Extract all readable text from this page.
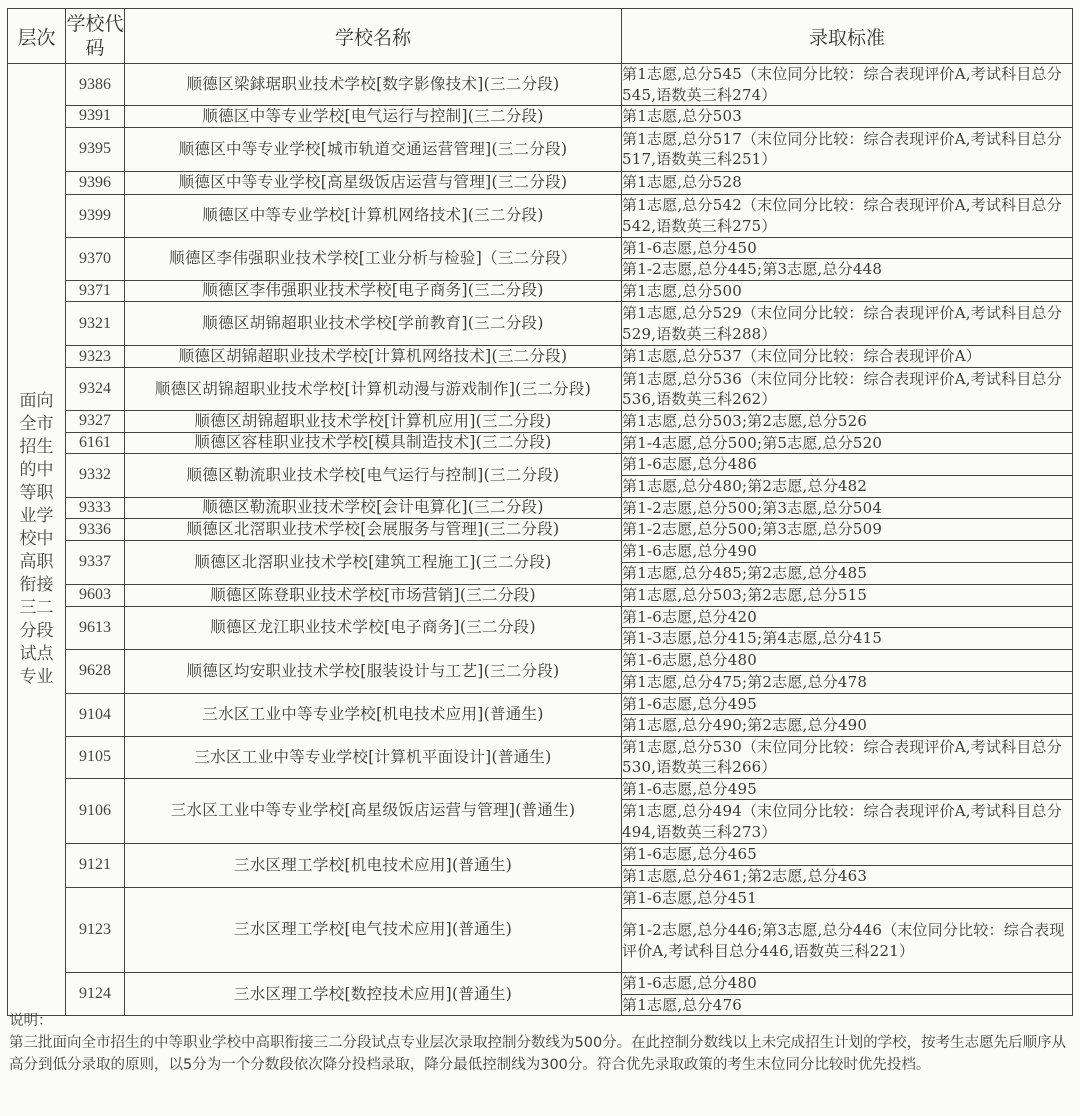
层次	学校代码	学校名称	录取标准
面向全市招生的中等职业学校中高职衔接三二分段试点专业	9386	顺德区梁銶琚职业技术学校[数字影像技术](三二分段)	第1志愿,总分545（末位同分比较：综合表现评价A,考试科目总分545,语数英三科274）
	9391	顺德区中等专业学校[电气运行与控制](三二分段)	第1志愿,总分503
	9395	顺德区中等专业学校[城市轨道交通运营管理](三二分段)	第1志愿,总分517（末位同分比较：综合表现评价A,考试科目总分517,语数英三科251）
	9396	顺德区中等专业学校[高星级饭店运营与管理](三二分段)	第1志愿,总分528
	9399	顺德区中等专业学校[计算机网络技术](三二分段)	第1志愿,总分542（末位同分比较：综合表现评价A,考试科目总分542,语数英三科275）
	9370	顺德区李伟强职业技术学校[工业分析与检验]（三二分段）	第1-6志愿,总分450
			第1-2志愿,总分445;第3志愿,总分448
	9371	顺德区李伟强职业技术学校[电子商务](三二分段)	第1志愿,总分500
	9321	顺德区胡锦超职业技术学校[学前教育](三二分段)	第1志愿,总分529（末位同分比较：综合表现评价A,考试科目总分529,语数英三科288）
	9323	顺德区胡锦超职业技术学校[计算机网络技术](三二分段)	第1志愿,总分537（末位同分比较：综合表现评价A）
	9324	顺德区胡锦超职业技术学校[计算机动漫与游戏制作](三二分段)	第1志愿,总分536（末位同分比较：综合表现评价A,考试科目总分536,语数英三科262）
	9327	顺德区胡锦超职业技术学校[计算机应用](三二分段)	第1志愿,总分503;第2志愿,总分526
	6161	顺德区容桂职业技术学校[模具制造技术](三二分段)	第1-4志愿,总分500;第5志愿,总分520
	9332	顺德区勒流职业技术学校[电气运行与控制](三二分段)	第1-6志愿,总分486
			第1志愿,总分480;第2志愿,总分482
	9333	顺德区勒流职业技术学校[会计电算化](三二分段)	第1-2志愿,总分500;第3志愿,总分504
	9336	顺德区北滘职业技术学校[会展服务与管理](三二分段)	第1-2志愿,总分500;第3志愿,总分509
	9337	顺德区北滘职业技术学校[建筑工程施工](三二分段)	第1-6志愿,总分490
			第1志愿,总分485;第2志愿,总分485
	9603	顺德区陈登职业技术学校[市场营销](三二分段)	第1志愿,总分503;第2志愿,总分515
	9613	顺德区龙江职业技术学校[电子商务](三二分段)	第1-6志愿,总分420
			第1-3志愿,总分415;第4志愿,总分415
	9628	顺德区均安职业技术学校[服装设计与工艺](三二分段)	第1-6志愿,总分480
			第1志愿,总分475;第2志愿,总分478
	9104	三水区工业中等专业学校[机电技术应用](普通生)	第1-6志愿,总分495
			第1志愿,总分490;第2志愿,总分490
	9105	三水区工业中等专业学校[计算机平面设计](普通生)	第1志愿,总分530（末位同分比较：综合表现评价A,考试科目总分530,语数英三科266）
	9106	三水区工业中等专业学校[高星级饭店运营与管理](普通生)	第1-6志愿,总分495
			第1志愿,总分494（末位同分比较：综合表现评价A,考试科目总分494,语数英三科273）
	9121	三水区理工学校[机电技术应用](普通生)	第1-6志愿,总分465
			第1志愿,总分461;第2志愿,总分463
	9123	三水区理工学校[电气技术应用](普通生)	第1-6志愿,总分451
			第1-2志愿,总分446;第3志愿,总分446（末位同分比较：综合表现评价A,考试科目总分446,语数英三科221）
	9124	三水区理工学校[数控技术应用](普通生)	第1-6志愿,总分480
			第1志愿,总分476

说明：

第三批面向全市招生的中等职业学校中高职衔接三二分段试点专业层次录取控制分数线为500分。在此控制分数线以上未完成招生计划的学校，按考生志愿先后顺序从高分到低分录取的原则，以5分为一个分数段依次降分投档录取，降分最低控制线为300分。符合优先录取政策的考生末位同分比较时优先投档。
